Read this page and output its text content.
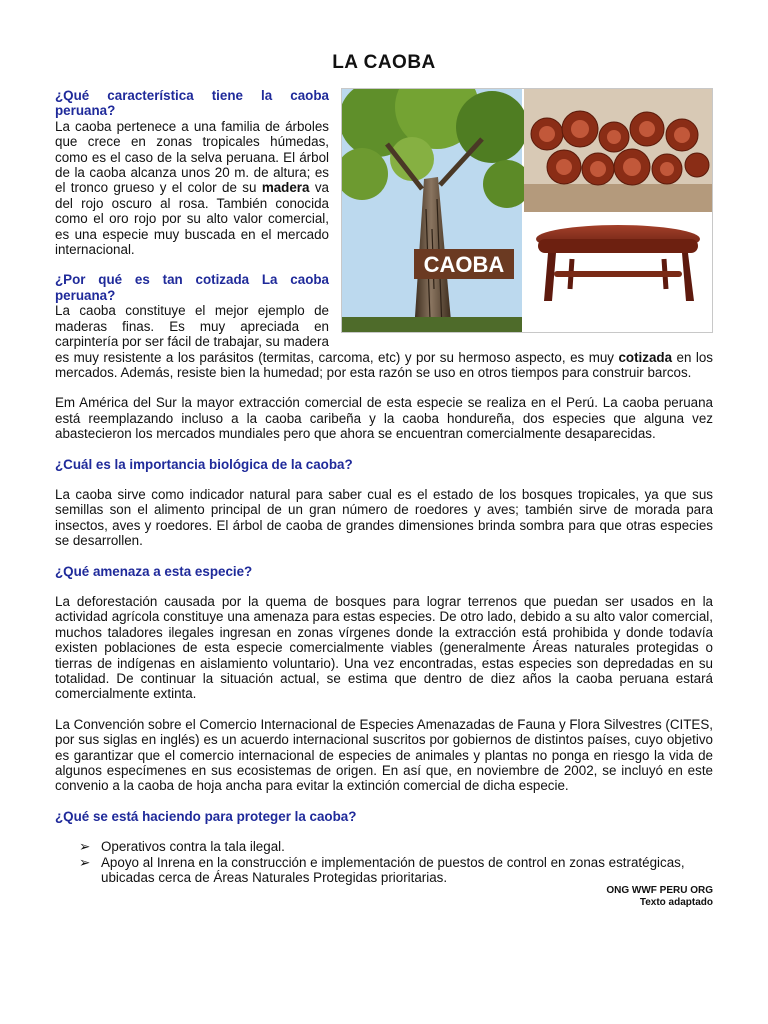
LA CAOBA
CAOBA

¿Qué característica tiene la caoba peruana?

La caoba pertenece a una familia de árboles que crece en zonas tropicales húmedas, como es el caso de la selva peruana. El árbol de la caoba alcanza unos 20 m. de altura; es el tronco grueso y el color de su madera va del rojo oscuro al rosa. También conocida como el oro rojo por su alto valor comercial, es una especie muy buscada en el mercado internacional.

¿Por qué es tan cotizada La caoba peruana?

La caoba constituye el mejor ejemplo de maderas finas. Es muy apreciada en carpintería por ser fácil de trabajar, su madera

es muy resistente a los parásitos (termitas, carcoma, etc) y por su hermoso aspecto, es muy cotizada en los mercados. Además, resiste bien la humedad; por esta razón se uso en otros tiempos para construir barcos.

Em América del Sur la mayor extracción comercial de esta especie se realiza en el Perú. La caoba peruana está reemplazando incluso a la caoba caribeña y la caoba hondureña, dos especies que alguna vez abastecieron los mercados mundiales pero que ahora se encuentran comercialmente desaparecidas.

¿Cuál es la importancia biológica de la caoba?

La caoba sirve como indicador natural para saber cual es el estado de los bosques tropicales, ya que sus semillas son el alimento principal de un gran número de roedores y aves; también sirve de morada para insectos, aves y roedores. El árbol de caoba de grandes dimensiones brinda sombra para que otras especies se desarrollen.

¿Qué amenaza a esta especie?

La deforestación causada por la quema de bosques para lograr terrenos que puedan ser usados en la actividad agrícola constituye una amenaza para estas especies. De otro lado, debido a su alto valor comercial, muchos taladores ilegales ingresan en zonas vírgenes donde la extracción está prohibida y donde todavía existen poblaciones de esta especie comercialmente viables (generalmente Áreas naturales protegidas o tierras de indígenas en aislamiento voluntario). Una vez encontradas, estas especies son depredadas en su totalidad. De continuar la situación actual, se estima que dentro de diez años la caoba peruana estará comercialmente extinta.

La Convención sobre el Comercio Internacional de Especies Amenazadas de Fauna y Flora Silvestres (CITES, por sus siglas en inglés) es un acuerdo internacional suscritos por gobiernos de distintos países, cuyo objetivo es garantizar que el comercio internacional de especies de animales y plantas no ponga en riesgo la vida de algunos especímenes en sus ecosistemas de origen. En así que, en noviembre de 2002, se incluyó en este convenio a la caoba de hoja ancha para evitar la extinción comercial de dicha especie.

¿Qué se está haciendo para proteger la caoba?

➢ Operativos contra la tala ilegal.
➢ Apoyo al Inrena en la construcción e implementación de puestos de control en zonas estratégicas, ubicadas cerca de Áreas Naturales Protegidas prioritarias.
ONG WWF PERU ORG
Texto adaptado
